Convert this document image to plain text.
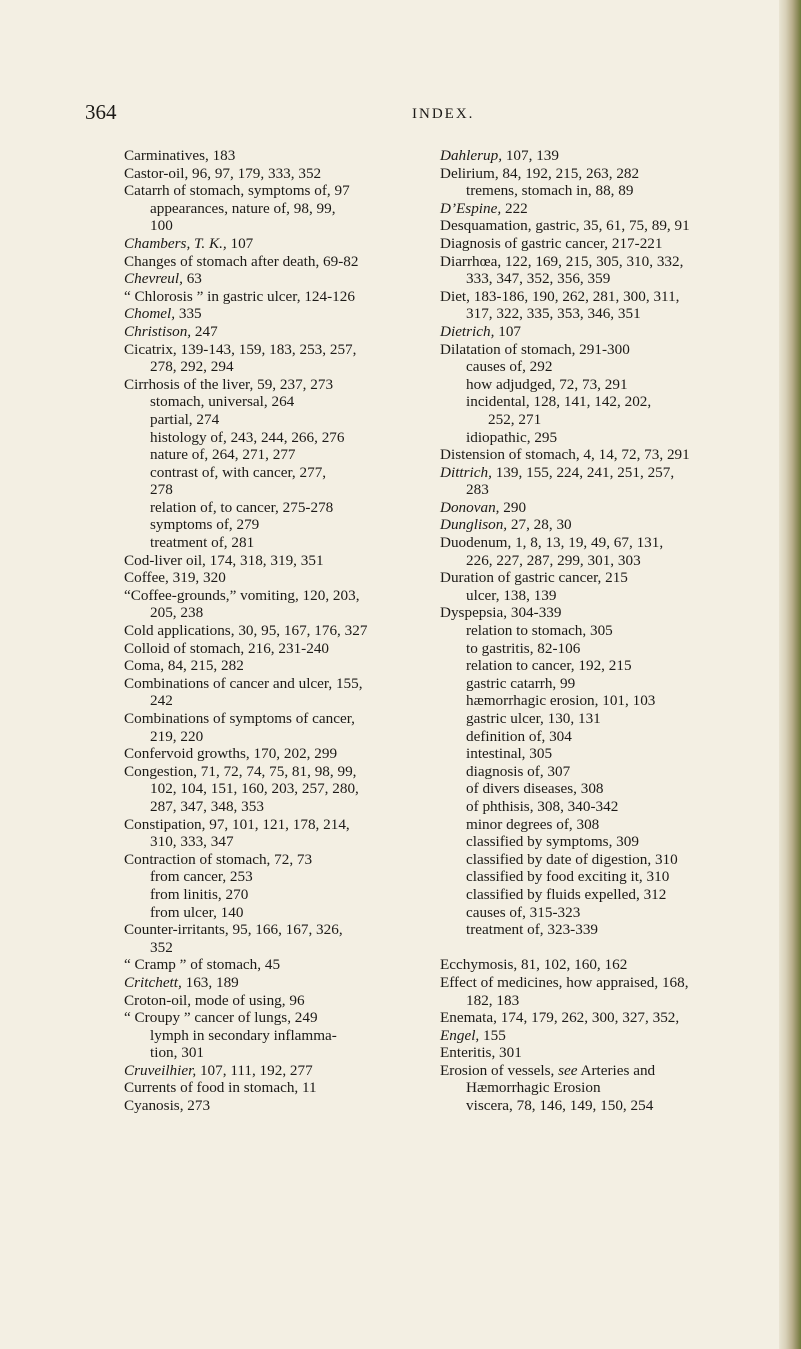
364	INDEX.
Carminatives, 183
Castor-oil, 96, 97, 179, 333, 352
Catarrh of stomach, symptoms of, 97
appearances, nature of, 98, 99,
100
Chambers, T. K., 107
Changes of stomach after death, 69-82
Chevreul, 63
“ Chlorosis ” in gastric ulcer, 124-126
Chomel, 335
Christison, 247
Cicatrix, 139-143, 159, 183, 253, 257,
278, 292, 294
Cirrhosis of the liver, 59, 237, 273
stomach, universal, 264
partial, 274
histology of, 243, 244, 266, 276
nature of, 264, 271, 277
contrast of, with cancer, 277,
278
relation of, to cancer, 275-278
symptoms of, 279
treatment of, 281
Cod-liver oil, 174, 318, 319, 351
Coffee, 319, 320
“Coffee-grounds,” vomiting, 120, 203,
205, 238
Cold applications, 30, 95, 167, 176, 327
Colloid of stomach, 216, 231-240
Coma, 84, 215, 282
Combinations of cancer and ulcer, 155,
242
Combinations of symptoms of cancer,
219, 220
Confervoid growths, 170, 202, 299
Congestion, 71, 72, 74, 75, 81, 98, 99,
102, 104, 151, 160, 203, 257, 280,
287, 347, 348, 353
Constipation, 97, 101, 121, 178, 214,
310, 333, 347
Contraction of stomach, 72, 73
from cancer, 253
from linitis, 270
from ulcer, 140
Counter-irritants, 95, 166, 167, 326,
352
“ Cramp ” of stomach, 45
Critchett, 163, 189
Croton-oil, mode of using, 96
“ Croupy ” cancer of lungs, 249
lymph in secondary inflamma-
tion, 301
Cruveilhier, 107, 111, 192, 277
Currents of food in stomach, 11
Cyanosis, 273
Dahlerup, 107, 139
Delirium, 84, 192, 215, 263, 282
tremens, stomach in, 88, 89
D’Espine, 222
Desquamation, gastric, 35, 61, 75, 89, 91
Diagnosis of gastric cancer, 217-221
Diarrhœa, 122, 169, 215, 305, 310, 332,
333, 347, 352, 356, 359
Diet, 183-186, 190, 262, 281, 300, 311,
317, 322, 335, 353, 346, 351
Dietrich, 107
Dilatation of stomach, 291-300
causes of, 292
how adjudged, 72, 73, 291
incidental, 128, 141, 142, 202,
252, 271
idiopathic, 295
Distension of stomach, 4, 14, 72, 73, 291
Dittrich, 139, 155, 224, 241, 251, 257,
283
Donovan, 290
Dunglison, 27, 28, 30
Duodenum, 1, 8, 13, 19, 49, 67, 131,
226, 227, 287, 299, 301, 303
Duration of gastric cancer, 215
ulcer, 138, 139
Dyspepsia, 304-339
relation to stomach, 305
to gastritis, 82-106
relation to cancer, 192, 215
gastric catarrh, 99
hæmorrhagic erosion, 101, 103
gastric ulcer, 130, 131
definition of, 304
intestinal, 305
diagnosis of, 307
of divers diseases, 308
of phthisis, 308, 340-342
minor degrees of, 308
classified by symptoms, 309
classified by date of digestion, 310
classified by food exciting it, 310
classified by fluids expelled, 312
causes of, 315-323
treatment of, 323-339
Ecchymosis, 81, 102, 160, 162
Effect of medicines, how appraised, 168,
182, 183
Enemata, 174, 179, 262, 300, 327, 352,
Engel, 155
Enteritis, 301
Erosion of vessels, see Arteries and
Hæmorrhagic Erosion
viscera, 78, 146, 149, 150, 254
